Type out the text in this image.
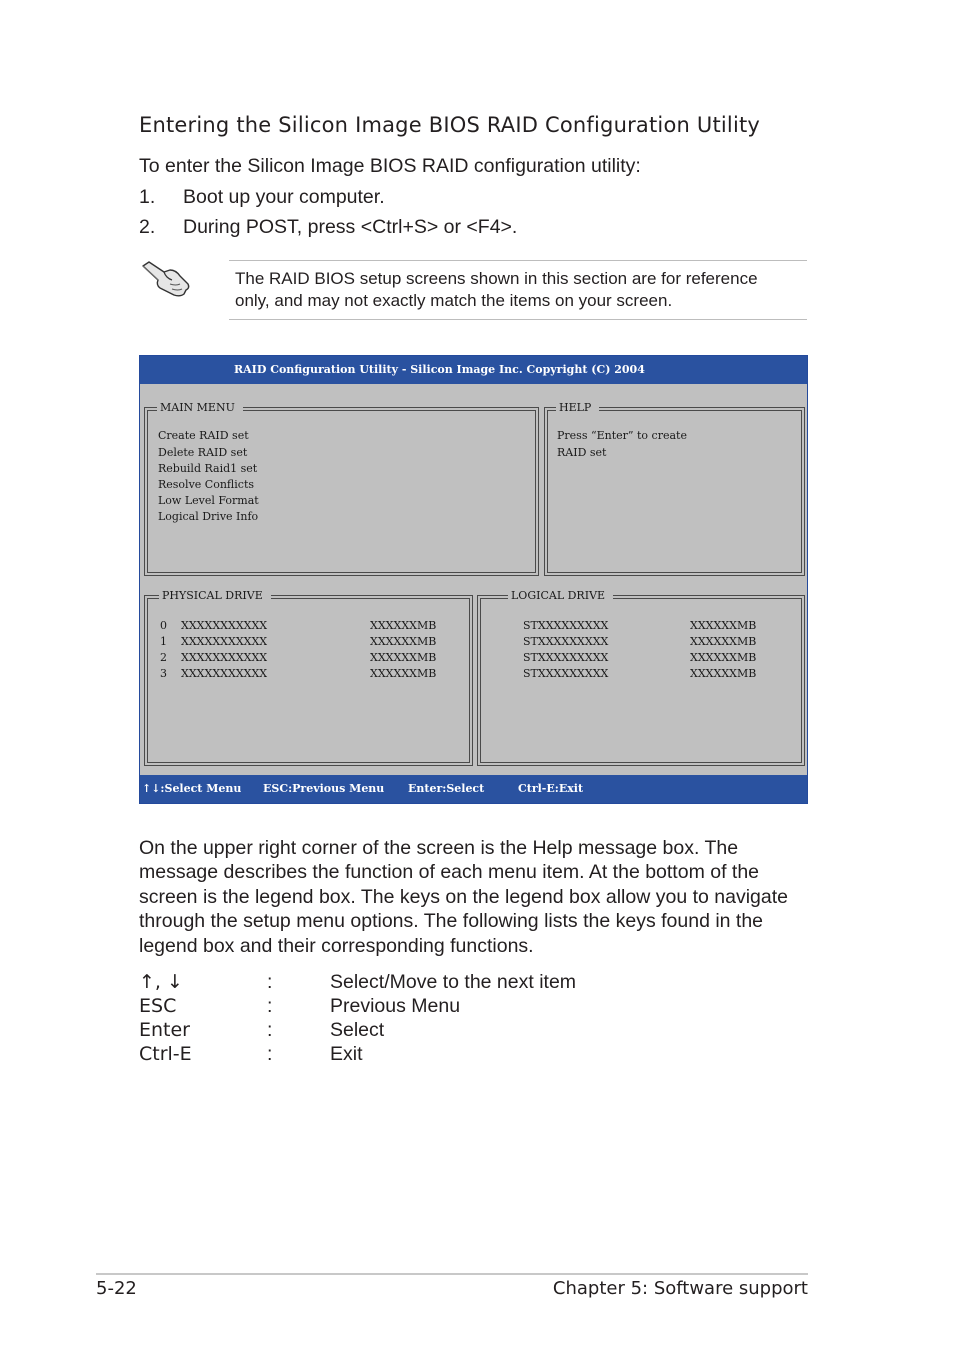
Entering the Silicon Image BIOS RAID Configuration Utility
To enter the Silicon Image BIOS RAID configuration utility:
1. Boot up your computer.
2. During POST, press <Ctrl+S> or <F4>.
The RAID BIOS setup screens shown in this section are for reference
only, and may not exactly match the items on your screen.
RAID Configuration Utility - Silicon Image Inc. Copyright (C) 2004
MAIN MENU
Create RAID set
Delete RAID set
Rebuild Raid1 set
Resolve Conflicts
Low Level Format
Logical Drive Info
HELP
Press “Enter” to create
RAID set
PHYSICAL DRIVE
0 XXXXXXXXXXX	XXXXXXMB
1 XXXXXXXXXXX	XXXXXXMB
2 XXXXXXXXXXX	XXXXXXMB
3 XXXXXXXXXXX	XXXXXXMB
LOGICAL DRIVE
STXXXXXXXXX	XXXXXXMB
STXXXXXXXXX	XXXXXXMB
STXXXXXXXXX	XXXXXXMB
STXXXXXXXXX	XXXXXXMB
↑↓:Select Menu ESC:Previous Menu Enter:Select	Ctrl-E:Exit
On the upper right corner of the screen is the Help message box. The message describes the function of each menu item. At the bottom of the screen is the legend box. The keys on the legend box allow you to navigate through the setup menu options. The following lists the keys found in the legend box and their corresponding functions.
↑, ↓	:	Select/Move to the next item
ESC	:	Previous Menu
Enter	:	Select
Ctrl-E	:	Exit
5-22	Chapter 5: Software support
